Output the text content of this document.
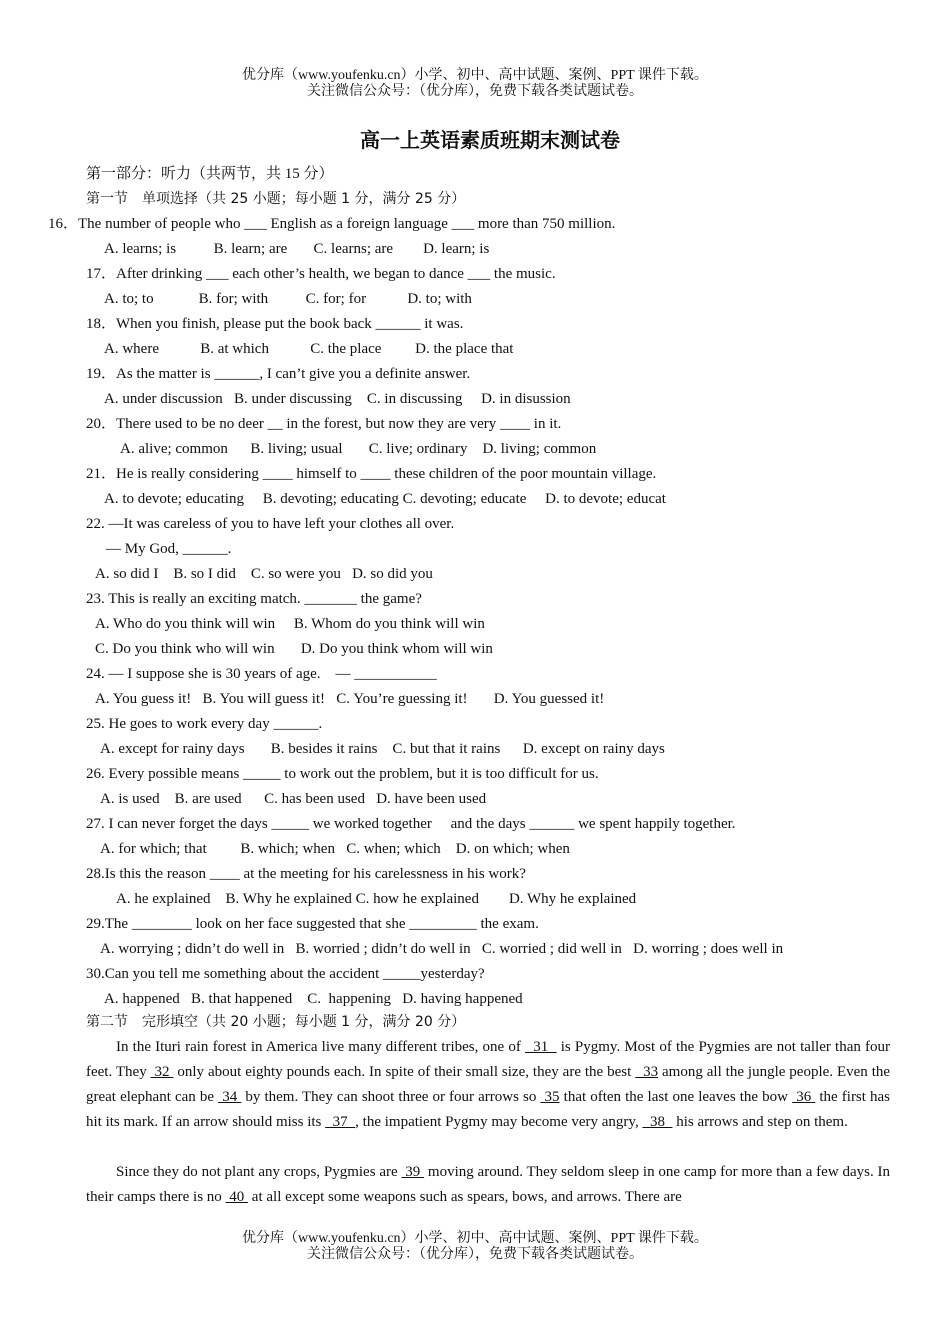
优分库（www.youfenku.cn）小学、初中、高中试题、案例、PPT 课件下载。
关注微信公众号：（优分库），免费下载各类试题试卷。
高一上英语素质班期末测试卷
第一部分：听力（共两节，共 15 分）
第一节　单项选择（共 25 小题；每小题 1 分，满分 25 分）
16．The number of people who ___ English as a foreign language ___ more than 750 million.
A. learns; is          B. learn; are       C. learns; are        D. learn; is
17．After drinking ___ each other’s health, we began to dance ___ the music.
A. to; to            B. for; with          C. for; for           D. to; with
18．When you finish, please put the book back ______ it was.
A. where           B. at which           C. the place         D. the place that
19．As the matter is ______, I can’t give you a definite answer.
A. under discussion   B. under discussing    C. in discussing     D. in disussion
20．There used to be no deer __ in the forest, but now they are very ____ in it.
A. alive; common      B. living; usual       C. live; ordinary    D. living; common
21．He is really considering ____ himself to ____ these children of the poor mountain village.
A. to devote; educating     B. devoting; educating C. devoting; educate     D. to devote; educat
22. —It was careless of you to have left your clothes all over.
— My God, ______.
A. so did I    B. so I did    C. so were you   D. so did you
23. This is really an exciting match. _______ the game?
A. Who do you think will win     B. Whom do you think will win
C. Do you think who will win       D. Do you think whom will win
24. — I suppose she is 30 years of age.    — ___________
A. You guess it!   B. You will guess it!   C. You’re guessing it!       D. You guessed it!
25. He goes to work every day ______.
A. except for rainy days       B. besides it rains    C. but that it rains      D. except on rainy days
26. Every possible means _____ to work out the problem, but it is too difficult for us.
A. is used    B. are used      C. has been used   D. have been used
27. I can never forget the days _____ we worked together     and the days ______ we spent happily together.
A. for which; that         B. which; when   C. when; which    D. on which; when
28.Is this the reason ____ at the meeting for his carelessness in his work?
A. he explained    B. Why he explained C. how he explained        D. Why he explained
29.The ________ look on her face suggested that she _________ the exam.
A. worrying ; didn’t do well in   B. worried ; didn’t do well in   C. worried ; did well in   D. worring ; does well in
30.Can you tell me something about the accident _____yesterday?
A. happened   B. that happened    C.  happening   D. having happened
第二节　完形填空（共 20 小题；每小题 1 分，满分 20 分）

In the Ituri rain forest in America live many different tribes, one of   31   is Pygmy. Most of the Pygmies are not taller than four feet. They  32  only about eighty pounds each. In spite of their small size, they are the best   33 among all the jungle people. Even the great elephant can be  34  by them. They can shoot three or four arrows so  35 that often the last one leaves the bow  36  the first has hit its mark. If an arrow should miss its   37  , the impatient Pygmy may become very angry,   38   his arrows and step on them.

Since they do not plant any crops, Pygmies are  39  moving around. They seldom sleep in one camp for more than a few days. In their camps there is no  40  at all except some weapons such as spears, bows, and arrows. There are

优分库（www.youfenku.cn）小学、初中、高中试题、案例、PPT 课件下载。
关注微信公众号：（优分库），免费下载各类试题试卷。
